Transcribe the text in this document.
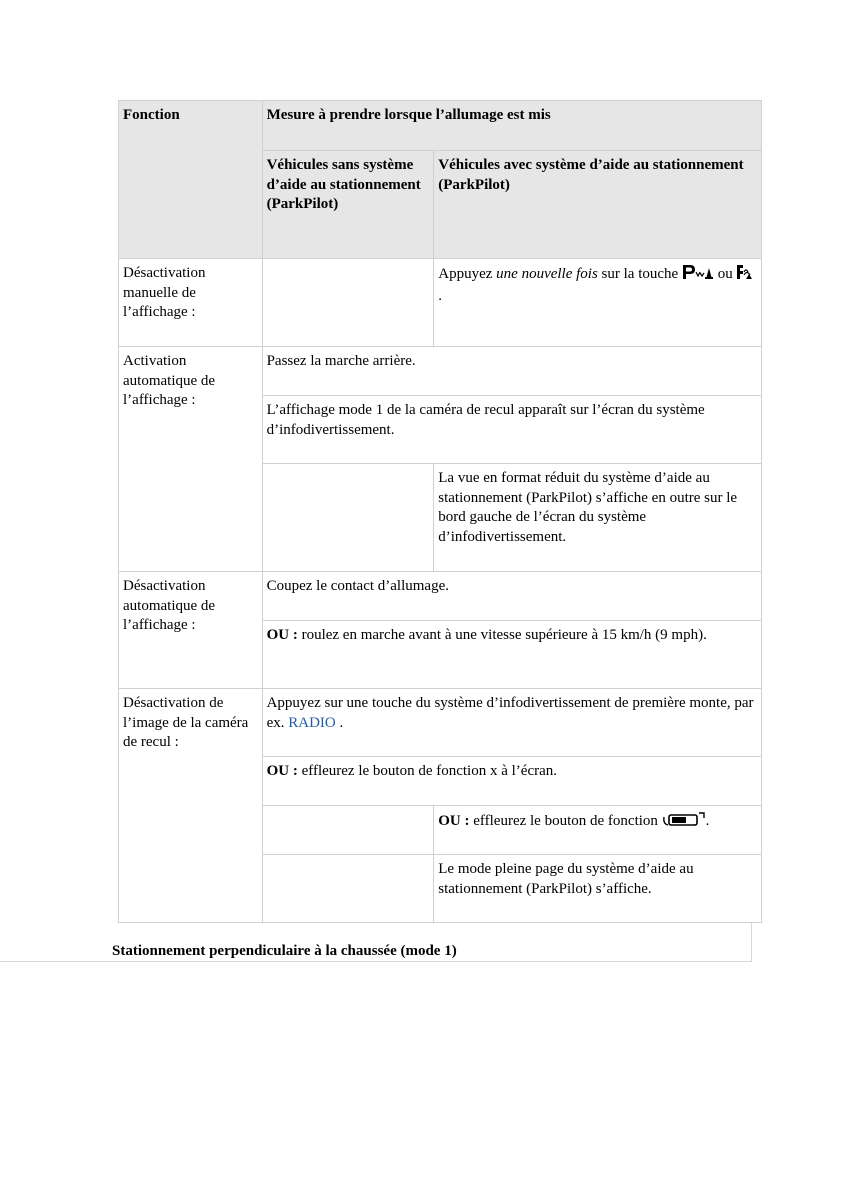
Fonction	Mesure à prendre lorsque l’allumage est mis	
	Véhicules sans système d’aide au stationnement (ParkPilot)	Véhicules avec système d’aide au stationnement (ParkPilot)
Désactivation manuelle de l’affichage :		Appuyez une nouvelle fois sur la touche  ou .
Activation automatique de l’affichage :	Passez la marche arrière.	
	L’affichage mode 1 de la caméra de recul apparaît sur l’écran du système d’infodivertissement.	
		La vue en format réduit du système d’aide au stationnement (ParkPilot) s’affiche en outre sur le bord gauche de l’écran du système d’infodivertissement.
Désactivation automatique de l’affichage :	Coupez le contact d’allumage.	
	OU : roulez en marche avant à une vitesse supérieure à 15 km/h (9 mph).	
Désactivation de l’image de la caméra de recul :	Appuyez sur une touche du système d’infodivertissement de première monte, par ex. RADIO .	
	OU : effleurez le bouton de fonction x à l’écran.	
		OU : effleurez le bouton de fonction .
		Le mode pleine page du système d’aide au stationnement (ParkPilot) s’affiche.
Stationnement perpendiculaire à la chaussée (mode 1)
